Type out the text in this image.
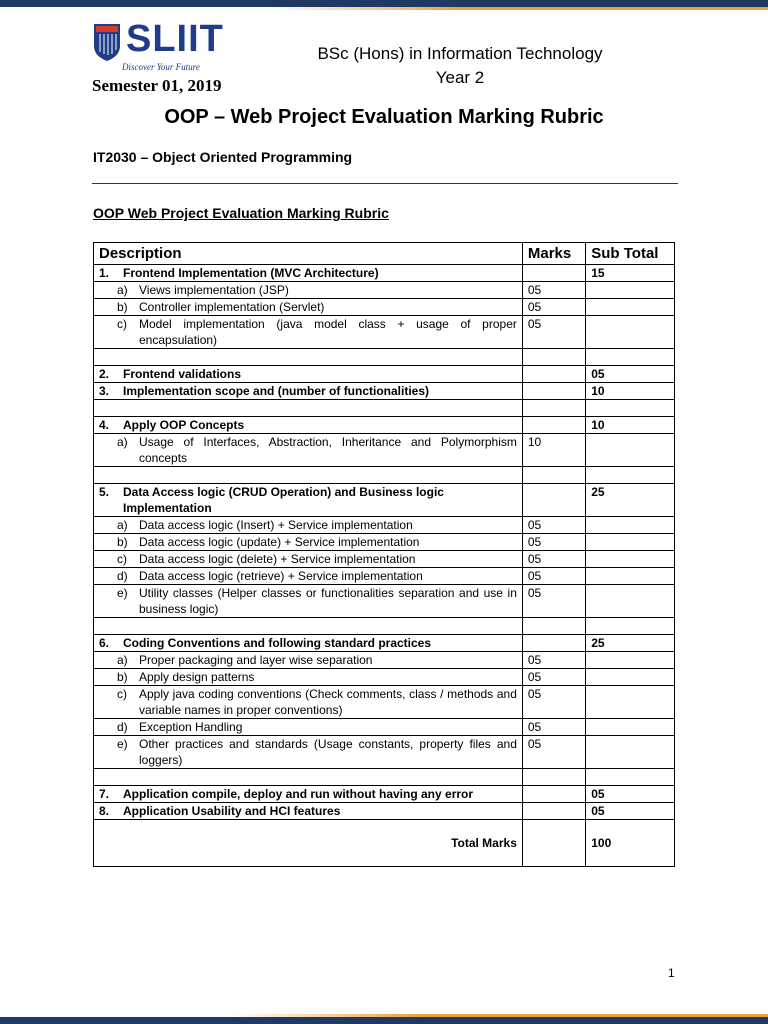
SLIIT
Discover Your Future
BSc (Hons) in Information Technology
Year 2
Semester 01, 2019
OOP – Web Project Evaluation Marking Rubric
IT2030 – Object Oriented Programming
OOP Web Project Evaluation Marking Rubric
Description	Marks	Sub Total

1. Frontend Implementation (MVC Architecture)		15

a) Views implementation (JSP)	05	

b) Controller implementation (Servlet)	05	

c) Model implementation (java model class + usage of proper encapsulation)	05	

2. Frontend validations		05

3. Implementation scope and (number of functionalities)		10

4. Apply OOP Concepts		10

a) Usage of Interfaces, Abstraction, Inheritance and Polymorphism concepts	10	

5. Data Access logic (CRUD Operation) and Business logic Implementation		25

a) Data access logic (Insert) + Service implementation	05	

b) Data access logic (update) + Service implementation	05	

c) Data access logic (delete) + Service implementation	05	

d) Data access logic (retrieve) + Service implementation	05	

e) Utility classes (Helper classes or functionalities separation and use in business logic)	05	

6. Coding Conventions and following standard practices		25

a) Proper packaging and layer wise separation	05	

b) Apply design patterns	05	

c) Apply java coding conventions (Check comments, class / methods and variable names in proper conventions)	05	

d) Exception Handling	05	

e) Other practices and standards (Usage constants, property files and loggers)	05	

7. Application compile, deploy and run without having any error		05

8. Application Usability and HCI features		05
Total Marks		100
1
